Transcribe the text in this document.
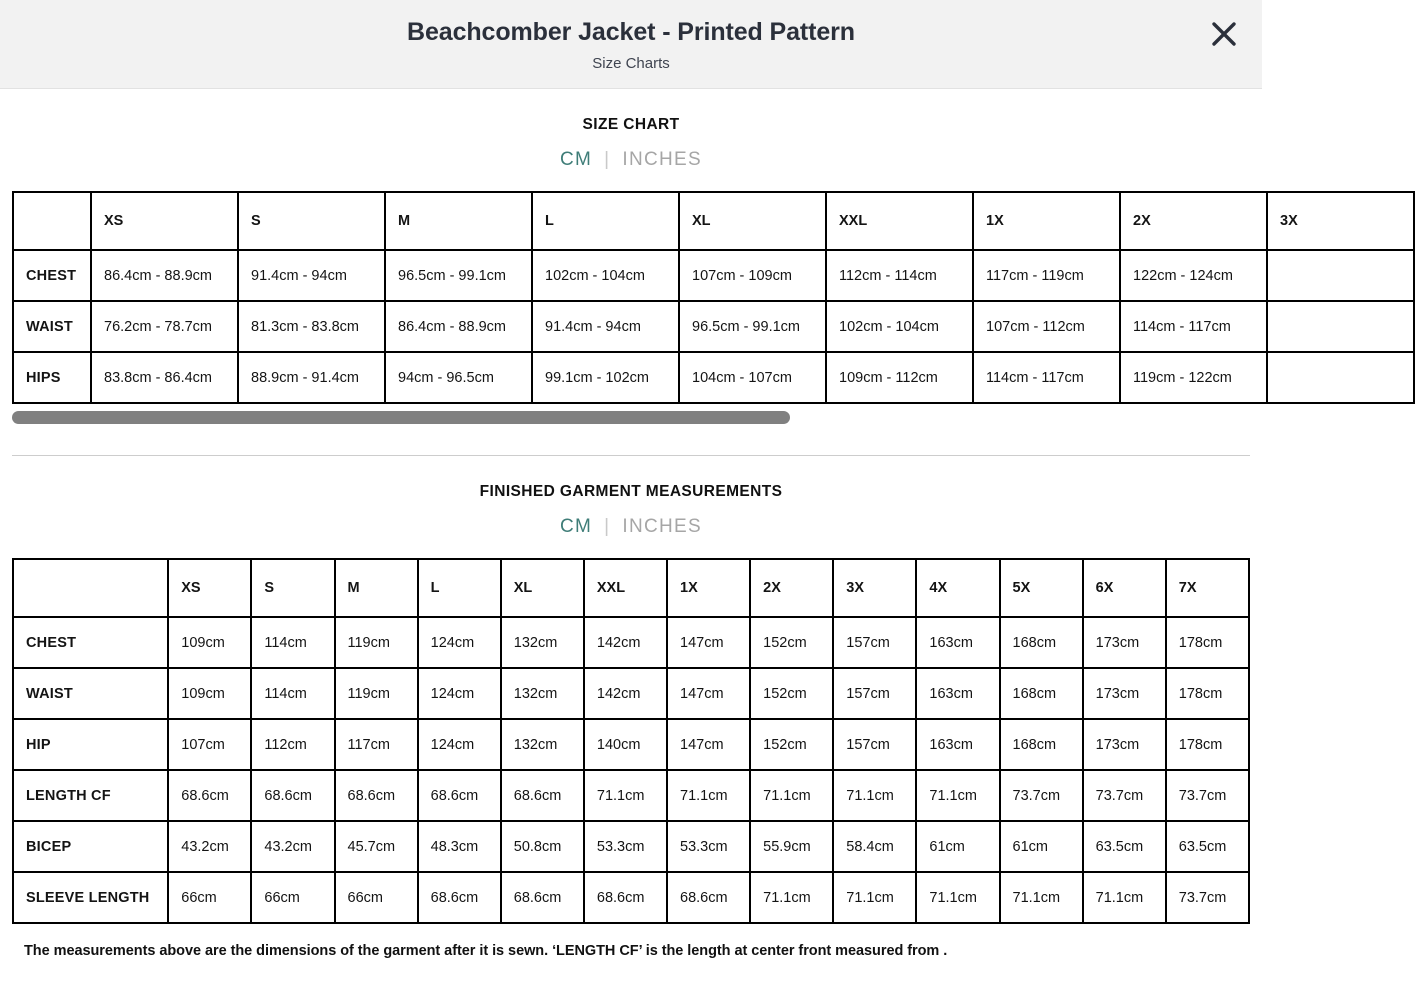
Beachcomber Jacket - Printed Pattern
Size Charts
SIZE CHART
CM | INCHES
	XS	S	M	L	XL	XXL	1X	2X	3X
CHEST	86.4cm - 88.9cm	91.4cm - 94cm	96.5cm - 99.1cm	102cm - 104cm	107cm - 109cm	112cm - 114cm	117cm - 119cm	122cm - 124cm	
WAIST	76.2cm - 78.7cm	81.3cm - 83.8cm	86.4cm - 88.9cm	91.4cm - 94cm	96.5cm - 99.1cm	102cm - 104cm	107cm - 112cm	114cm - 117cm	
HIPS	83.8cm - 86.4cm	88.9cm - 91.4cm	94cm - 96.5cm	99.1cm - 102cm	104cm - 107cm	109cm - 112cm	114cm - 117cm	119cm - 122cm	
FINISHED GARMENT MEASUREMENTS
CM | INCHES
	XS	S	M	L	XL	XXL	1X	2X	3X	4X	5X	6X	7X
CHEST	109cm	114cm	119cm	124cm	132cm	142cm	147cm	152cm	157cm	163cm	168cm	173cm	178cm
WAIST	109cm	114cm	119cm	124cm	132cm	142cm	147cm	152cm	157cm	163cm	168cm	173cm	178cm
HIP	107cm	112cm	117cm	124cm	132cm	140cm	147cm	152cm	157cm	163cm	168cm	173cm	178cm
LENGTH CF	68.6cm	68.6cm	68.6cm	68.6cm	68.6cm	71.1cm	71.1cm	71.1cm	71.1cm	71.1cm	73.7cm	73.7cm	73.7cm
BICEP	43.2cm	43.2cm	45.7cm	48.3cm	50.8cm	53.3cm	53.3cm	55.9cm	58.4cm	61cm	61cm	63.5cm	63.5cm
SLEEVE LENGTH	66cm	66cm	66cm	68.6cm	68.6cm	68.6cm	68.6cm	71.1cm	71.1cm	71.1cm	71.1cm	71.1cm	73.7cm
The measurements above are the dimensions of the garment after it is sewn. ‘LENGTH CF’ is the length at center front measured from .
